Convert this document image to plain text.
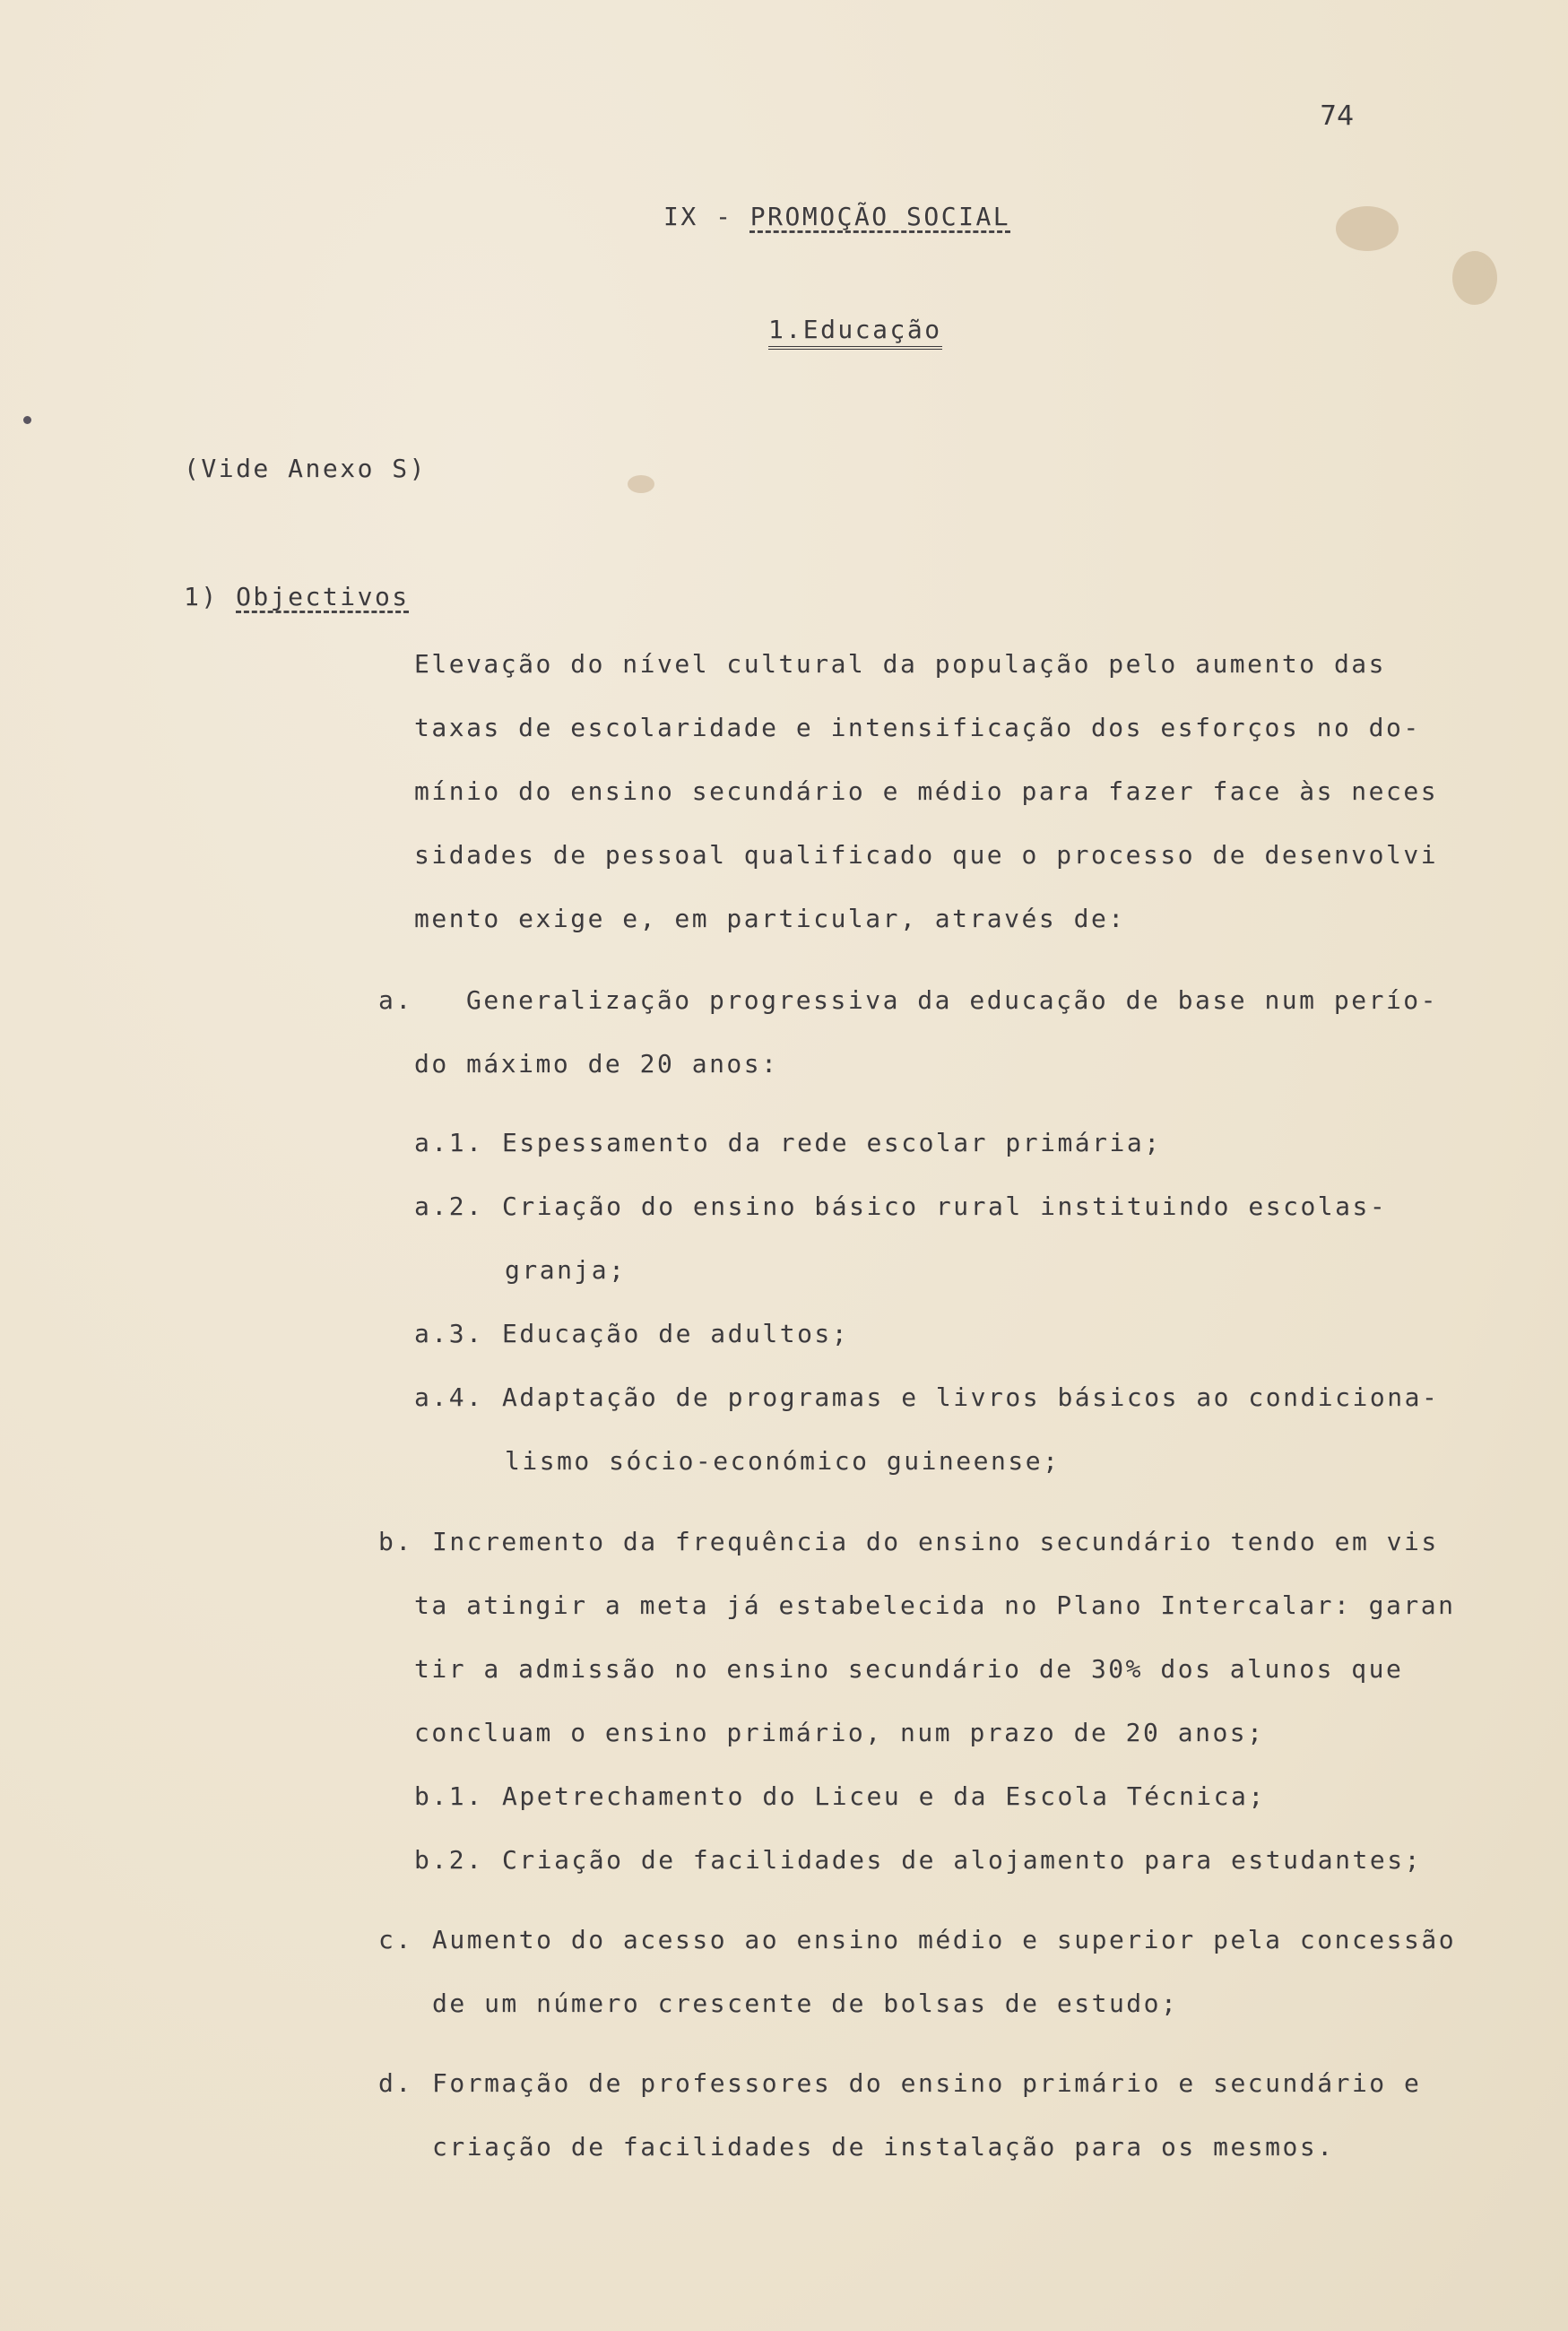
74
IX - PROMOÇÃO SOCIAL
1.Educação
(Vide Anexo S)
1) Objectivos
Elevação do nível cultural da população pelo aumento das
taxas de escolaridade e intensificação dos esforços no do-
mínio do ensino secundário e médio para fazer face às neces
sidades de pessoal qualificado que o processo de desenvolvi
mento exige e, em particular, através de:
a. Generalização progressiva da educação de base num perío-
do máximo de 20 anos:
a.1. Espessamento da rede escolar primária;
a.2. Criação do ensino básico rural instituindo escolas-
granja;
a.3. Educação de adultos;
a.4. Adaptação de programas e livros básicos ao condiciona-
lismo sócio-económico guineense;
b. Incremento da frequência do ensino secundário tendo em vis
ta atingir a meta já estabelecida no Plano Intercalar: garan
tir a admissão no ensino secundário de 30% dos alunos que
concluam o ensino primário, num prazo de 20 anos;
b.1. Apetrechamento do Liceu e da Escola Técnica;
b.2. Criação de facilidades de alojamento para estudantes;
c. Aumento do acesso ao ensino médio e superior pela concessão
de um número crescente de bolsas de estudo;
d. Formação de professores do ensino primário e secundário e
criação de facilidades de instalação para os mesmos.
